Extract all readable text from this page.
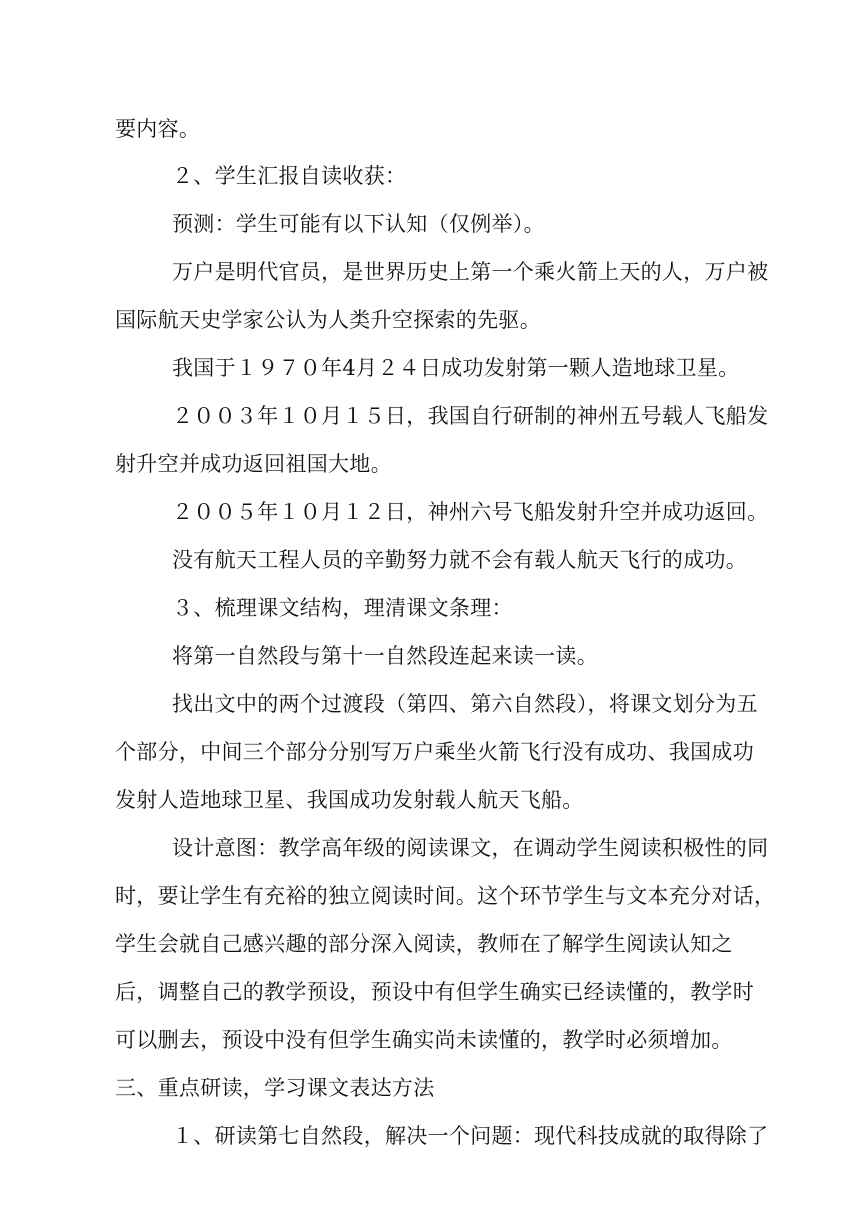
要内容。
２、学生汇报自读收获：
预测：学生可能有以下认知（仅例举）。
万户是明代官员，是世界历史上第一个乘火箭上天的人，万户被
国际航天史学家公认为人类升空探索的先驱。
我国于１９７０年4月２４日成功发射第一颗人造地球卫星。
２００３年１０月１５日，我国自行研制的神州五号载人飞船发
射升空并成功返回祖国大地。
２００５年１０月１２日，神州六号飞船发射升空并成功返回。
没有航天工程人员的辛勤努力就不会有载人航天飞行的成功。
３、梳理课文结构，理清课文条理：
将第一自然段与第十一自然段连起来读一读。
找出文中的两个过渡段（第四、第六自然段），将课文划分为五
个部分，中间三个部分分别写万户乘坐火箭飞行没有成功、我国成功
发射人造地球卫星、我国成功发射载人航天飞船。
设计意图：教学高年级的阅读课文，在调动学生阅读积极性的同
时，要让学生有充裕的独立阅读时间。这个环节学生与文本充分对话，
学生会就自己感兴趣的部分深入阅读，教师在了解学生阅读认知之
后，调整自己的教学预设，预设中有但学生确实已经读懂的，教学时
可以删去，预设中没有但学生确实尚未读懂的，教学时必须增加。
三、重点研读，学习课文表达方法
１、研读第七自然段，解决一个问题：现代科技成就的取得除了
